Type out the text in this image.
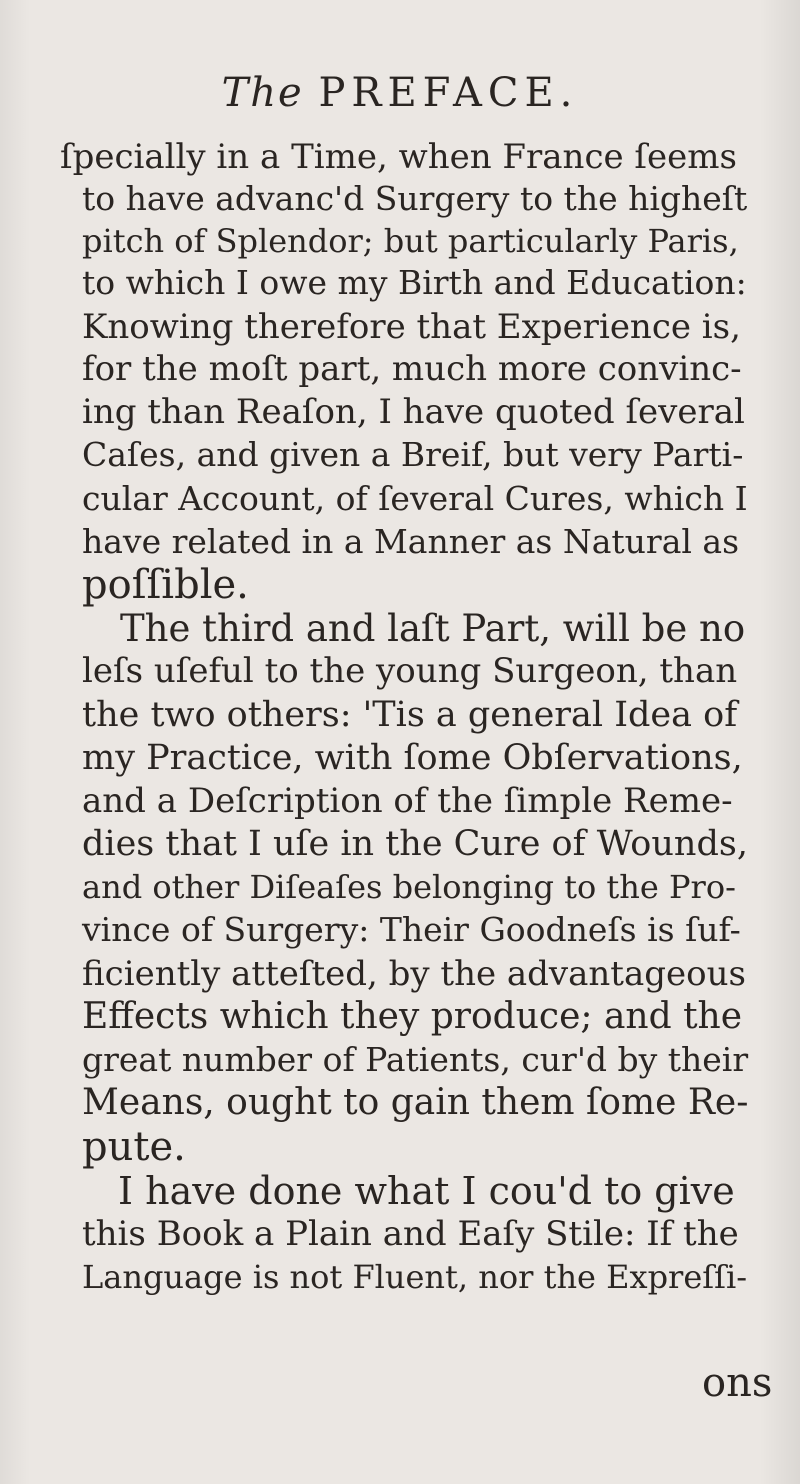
The PREFACE.
ſpecially in a Time, when France ſeems
to have advanc'd Surgery to the higheſt
pitch of Splendor; but particularly Paris,
to which I owe my Birth and Education:
Knowing therefore that Experience is,
for the moſt part, much more convinc-
ing than Reaſon, I have quoted ſeveral
Caſes, and given a Breif, but very Parti-
cular Account, of ſeveral Cures, which I
have related in a Manner as Natural as
poſſible.
The third and laſt Part, will be no
leſs uſeful to the young Surgeon, than
the two others: 'Tis a general Idea of
my Practice, with ſome Obſervations,
and a Deſcription of the ſimple Reme-
dies that I uſe in the Cure of Wounds,
and other Diſeaſes belonging to the Pro-
vince of Surgery: Their Goodneſs is ſuf-
ficiently atteſted, by the advantageous
Effects which they produce; and the
great number of Patients, cur'd by their
Means, ought to gain them ſome Re-
pute.
I have done what I cou'd to give
this Book a Plain and Eaſy Stile: If the
Language is not Fluent, nor the Expreſſi-
ons
